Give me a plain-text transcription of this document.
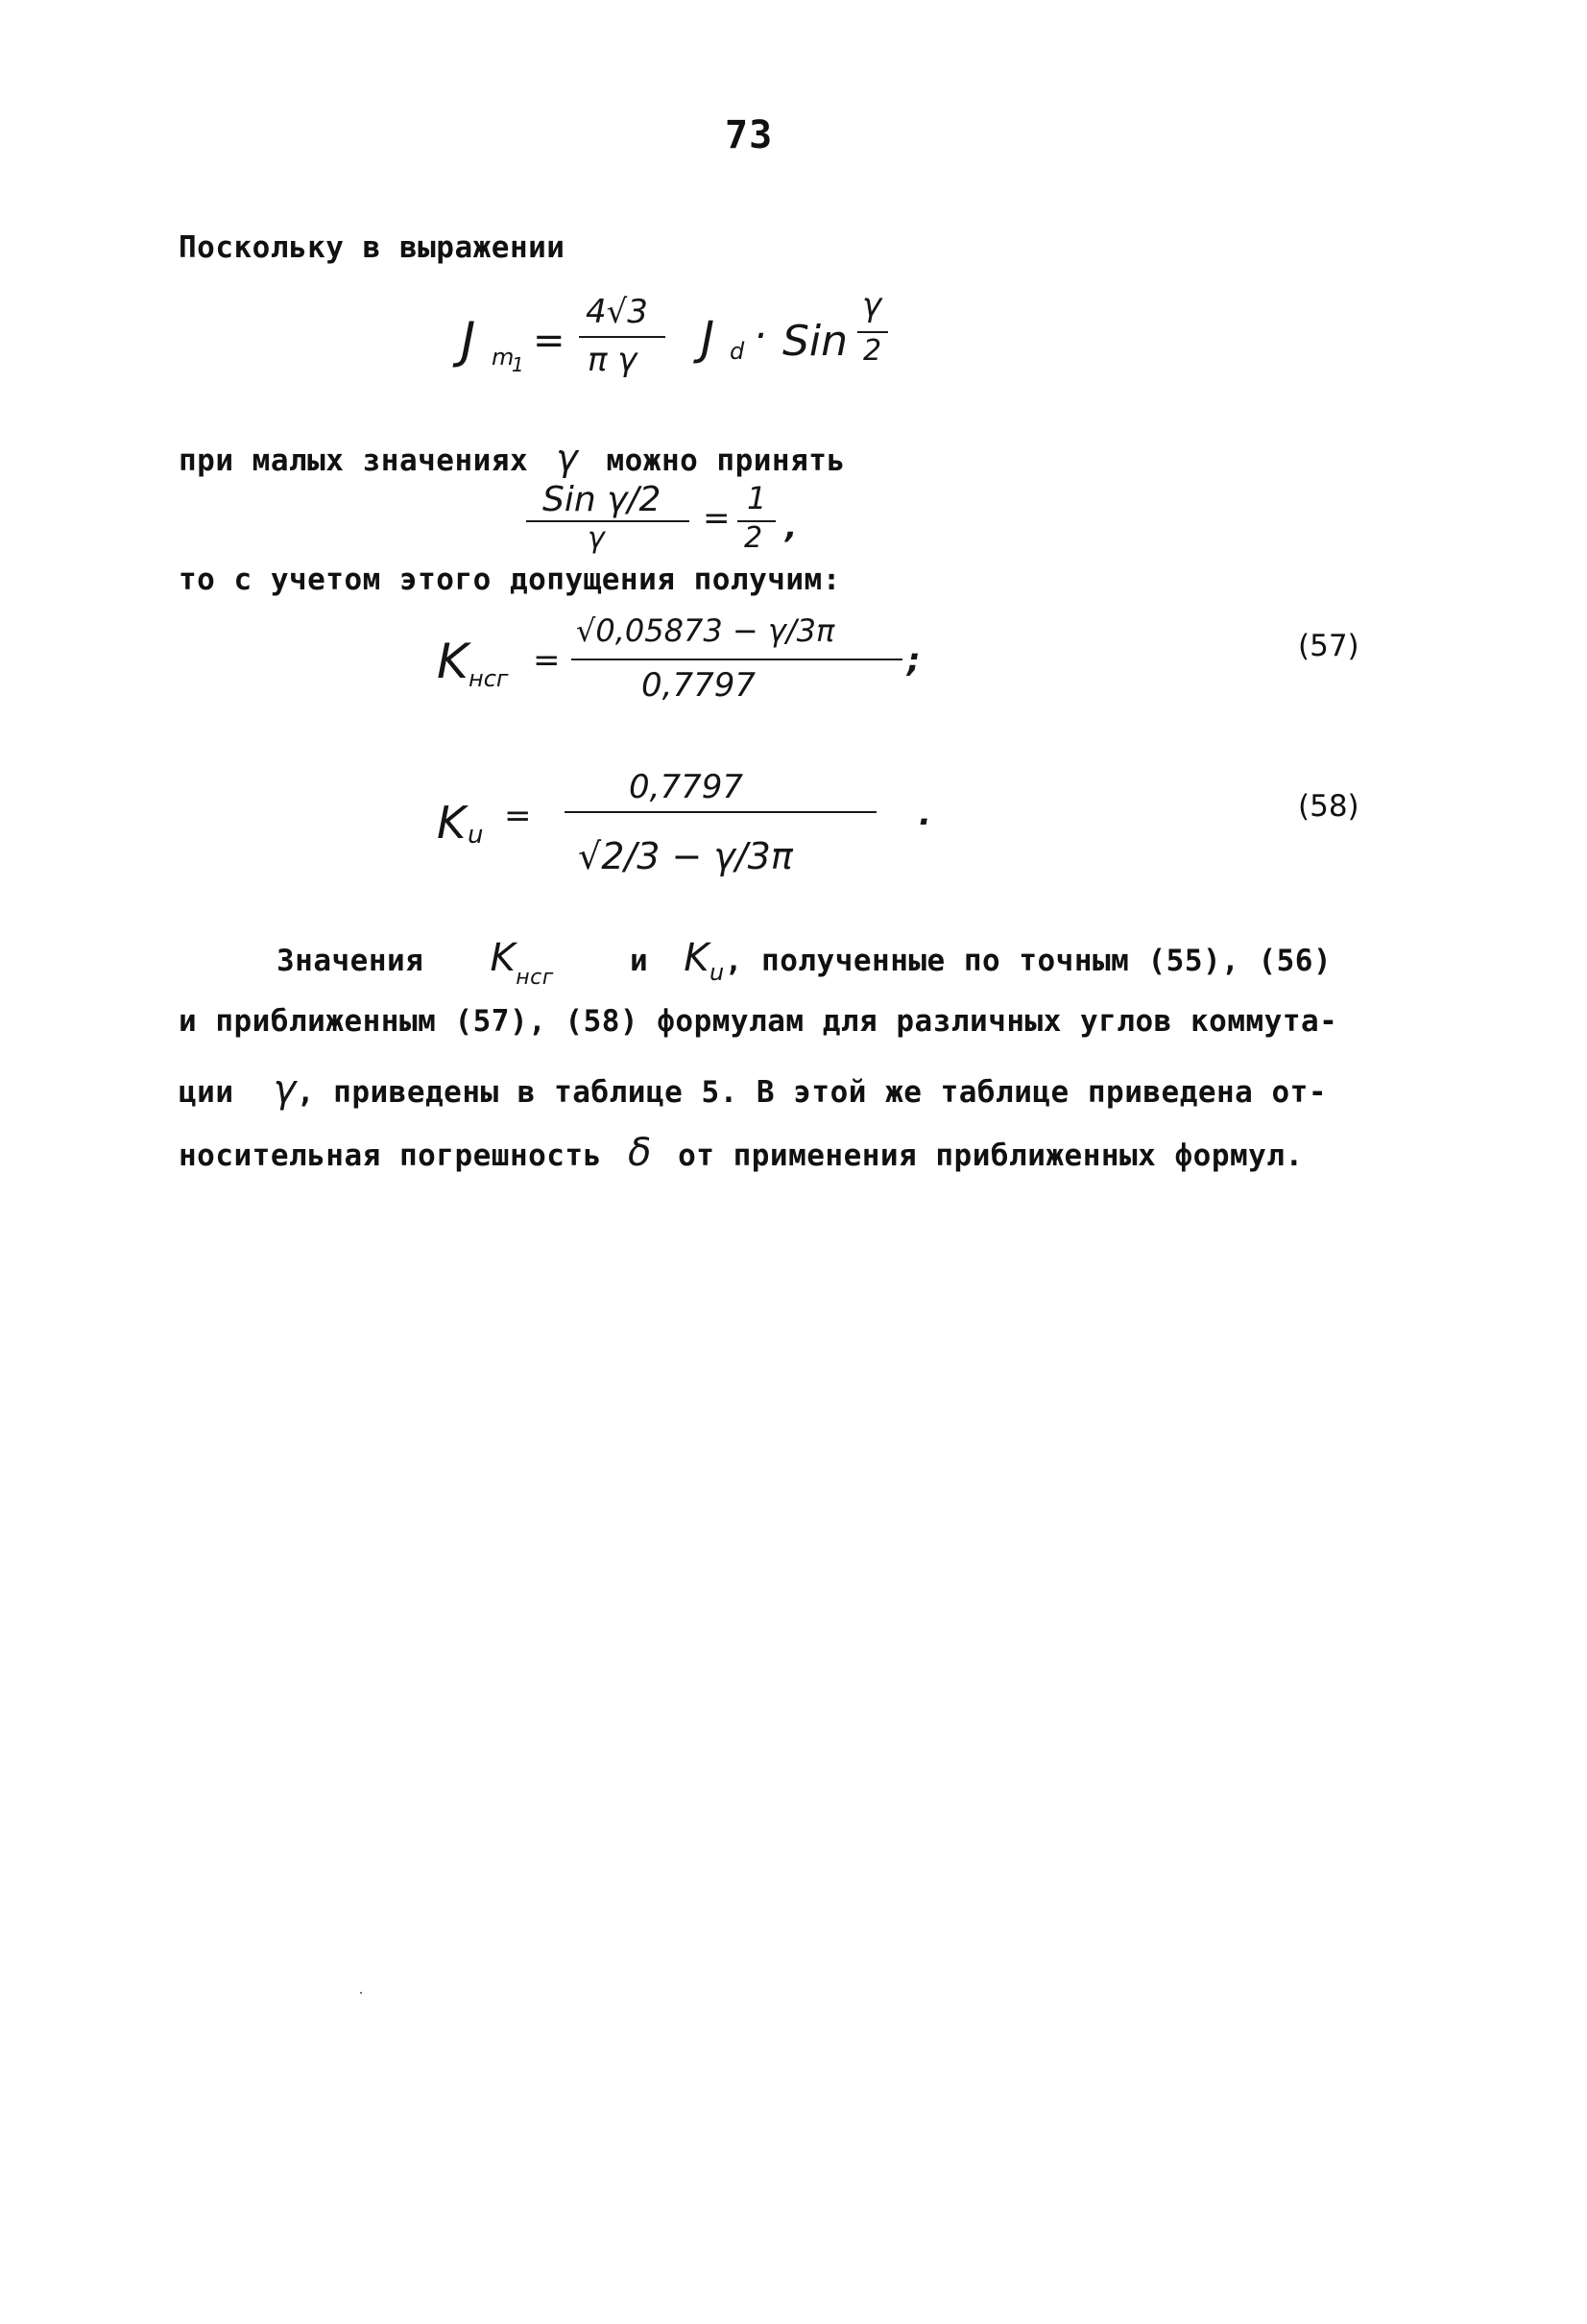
73
Поскольку в выражении
J m
1
=
4√3
π γ J d · Sin
γ
2
при малых значениях γ можно принять
Sin γ/2
γ
=
1
2 ,
то с учетом этого допущения получим:
K нсг =
√0,05873 − γ/3π
0,7797
;	(57)
K u =
0,7797
√2/3 − γ/3π
.	(58)
Значения $K_{нсг}$	и $K_u$, полученные по точным (55), (56)
и приближенным (57), (58) формулам для различных углов коммута-
ции γ, приведены в таблице 5. В этой же таблице приведена от-
носительная погрешность δ от применения приближенных формул.
